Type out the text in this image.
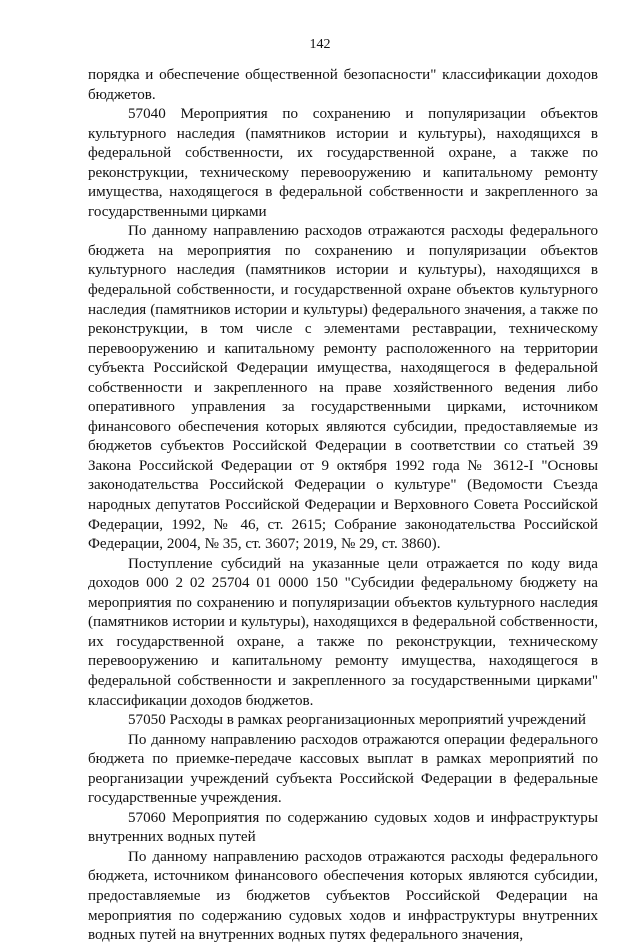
142

порядка и обеспечение общественной безопасности" классификации доходов бюджетов.

57040 Мероприятия по сохранению и популяризации объектов культурного наследия (памятников истории и культуры), находящихся в федеральной собственности, их государственной охране, а также по реконструкции, техническому перевооружению и капитальному ремонту имущества, находящегося в федеральной собственности и закрепленного за государственными цирками

По данному направлению расходов отражаются расходы федерального бюджета на мероприятия по сохранению и популяризации объектов культурного наследия (памятников истории и культуры), находящихся в федеральной собственности, и государственной охране объектов культурного наследия (памятников истории и культуры) федерального значения, а также по реконструкции, в том числе с элементами реставрации, техническому перевооружению и капитальному ремонту расположенного на территории субъекта Российской Федерации имущества, находящегося в федеральной собственности и закрепленного на праве хозяйственного ведения либо оперативного управления за государственными цирками, источником финансового обеспечения которых являются субсидии, предоставляемые из бюджетов субъектов Российской Федерации в соответствии со статьей 39 Закона Российской Федерации от 9 октября 1992 года № 3612-I "Основы законодательства Российской Федерации о культуре" (Ведомости Съезда народных депутатов Российской Федерации и Верховного Совета Российской Федерации, 1992, № 46, ст. 2615; Собрание законодательства Российской Федерации, 2004, № 35, ст. 3607; 2019, № 29, ст. 3860).

Поступление субсидий на указанные цели отражается по коду вида доходов 000 2 02 25704 01 0000 150 "Субсидии федеральному бюджету на мероприятия по сохранению и популяризации объектов культурного наследия (памятников истории и культуры), находящихся в федеральной собственности, их государственной охране, а также по реконструкции, техническому перевооружению и капитальному ремонту имущества, находящегося в федеральной собственности и закрепленного за государственными цирками" классификации доходов бюджетов.

57050 Расходы в рамках реорганизационных мероприятий учреждений

По данному направлению расходов отражаются операции федерального бюджета по приемке-передаче кассовых выплат в рамках мероприятий по реорганизации учреждений субъекта Российской Федерации в федеральные государственные учреждения.

57060 Мероприятия по содержанию судовых ходов и инфраструктуры внутренних водных путей

По данному направлению расходов отражаются расходы федерального бюджета, источником финансового обеспечения которых являются субсидии, предоставляемые из бюджетов субъектов Российской Федерации на мероприятия по содержанию судовых ходов и инфраструктуры внутренних водных путей на внутренних водных путях федерального значения,
